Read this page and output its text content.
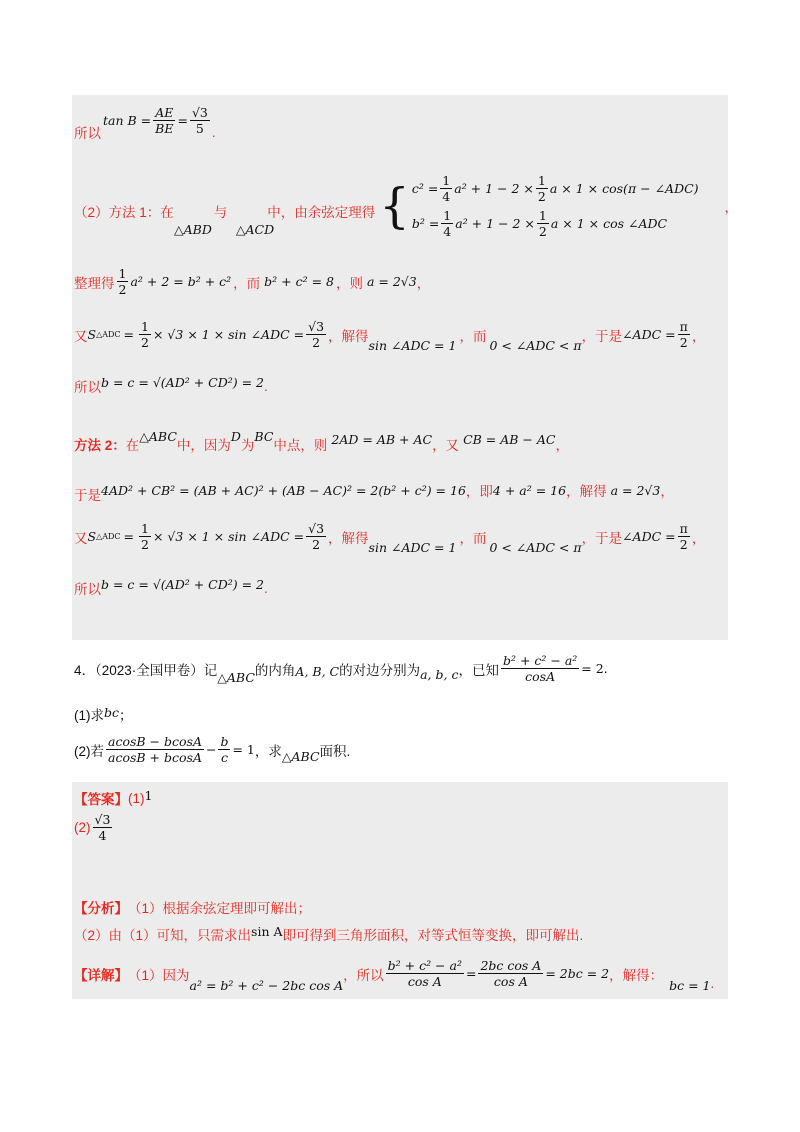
所以
$\tan B = \frac{AE}{BE} = \frac{√3}{5}$ .
（2）方法 1：在	与	中，由余弦定理得
△ABD △ACD { $c^2 = \frac{1}{4} a^2 + 1 - 2 \times \frac{1}{2}$ a × 1 × cos(π − ∠ADC)
$b^2 = \frac{1}{4} a^2 + 1 - 2 \times \frac{1}{2}$ a × 1 × cos ∠ADC
，
整理得 $\frac{1}{2} a^2 + 2 = b^2 + c^2$ ，而 b² + c² = 8 ，则 a = 2√3 ，
又 S △ADC = $\frac{1}{2} \times √3 \times 1 \times \sin$ ∠ADC = $\frac{√3}{2}$ ，解得
sin ∠ADC = 1
，而
0 < ∠ADC < π
，于是 ∠ADC = $\frac{\pi}{2}$ ，
所以 b = c = √(AD² + CD²) = 2 .
方法 2： 在
△ABC
中，因为
D
为
BC
中点，则 2AD = AB + AC ，又 CB = AB − AC ，
于是 4AD² + CB² = (AB + AC)² + (AB − AC)² = 2(b² + c²) = 16 ，即 4 + a² = 16 ，解得 a = 2√3 ，
又 S △ADC = $\frac{1}{2} \times √3 \times 1 \times \sin$ ∠ADC = $\frac{√3}{2}$ ，解得
sin ∠ADC = 1
，而
0 < ∠ADC < π
，于是 ∠ADC = $\frac{\pi}{2}$ ，
所以 b = c = √(AD² + CD²) = 2 .
4．（2023·全国甲卷）记 △ABC 的内角 A, B, C 的对边分别为 a, b, c ，已知 $\frac{\text{b² + c² − a²}}{\cos A} = 2$ .
(1)求 bc ；
(2)若 $\frac{acosB - bcosA}{acosB + bcosA} - \frac{b}{c} = 1$ ，求 △ABC 面积.
【答案】 (1) 1
$(2) \frac{√3}{4}$
【分析】 （1）根据余弦定理即可解出；
（2）由（1）可知，只需求出 sin A 即可得到三角形面积，对等式恒等变换，即可解出.
【详解】 （1）因为
a² = b² + c² − 2bc cos A
，所以 $\frac{\text{b² + c² − a²}}{\text{cos A}} = \frac{\text{2bc cos A}}{\text{cos A}} = 2bc = 2$ ，解得：
bc = 1 .
